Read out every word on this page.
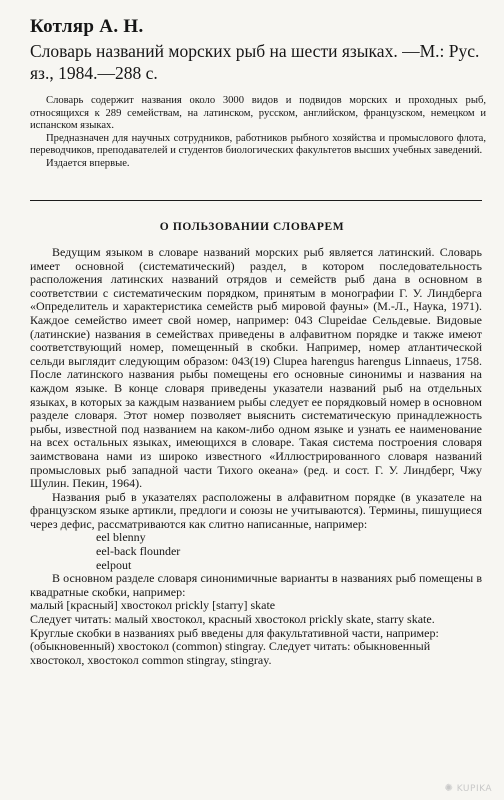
Котляр А. Н.

Словарь названий морских рыб на шести языках. —М.: Рус. яз., 1984.—288 с.

Словарь содержит названия около 3000 видов и подвидов морских и проходных рыб, относящихся к 289 семействам, на латинском, русском, английском, французском, немецком и испанском языках.

Предназначен для научных сотрудников, работников рыбного хозяйства и промыслового флота, переводчиков, преподавателей и студентов биологических факультетов высших учебных заведений.

Издается впервые.

О ПОЛЬЗОВАНИИ СЛОВАРЕМ

Ведущим языком в словаре названий морских рыб является латинский. Словарь имеет основной (систематический) раздел, в котором последовательность расположения латинских названий отрядов и семейств рыб дана в основном в соответствии с систематическим порядком, принятым в монографии Г. У. Линдберга «Определитель и характеристика семейств рыб мировой фауны» (М.-Л., Наука, 1971). Каждое семейство имеет свой номер, например: 043 Clupeidae Сельдевые. Видовые (латинские) названия в семействах приведены в алфавитном порядке и также имеют соответствующий номер, помещенный в скобки. Например, номер атлантической сельди выглядит следующим образом: 043(19) Clupea harengus harengus Linnaeus, 1758. После латинского названия рыбы помещены его основные синонимы и названия на каждом языке. В конце словаря приведены указатели названий рыб на отдельных языках, в которых за каждым названием рыбы следует ее порядковый номер в основном разделе словаря. Этот номер позволяет выяснить систематическую принадлежность рыбы, известной под названием на каком-либо одном языке и узнать ее наименование на всех остальных языках, имеющихся в словаре. Такая система построения словаря заимствована нами из широко известного «Иллюстрированного словаря названий промысловых рыб западной части Тихого океана» (ред. и сост. Г. У. Линдберг, Чжу Шулин. Пекин, 1964).

Названия рыб в указателях расположены в алфавитном порядке (в указателе на французском языке артикли, предлоги и союзы не учитываются). Термины, пишущиеся через дефис, рассматриваются как слитно написанные, например:

eel blenny
eel-back flounder
eelpout

В основном разделе словаря синонимичные варианты в названиях рыб помещены в квадратные скобки, например:

малый [красный] хвостокол prickly [starry] skate

Следует читать: малый хвостокол, красный хвостокол prickly skate, starry skate.

Круглые скобки в названиях рыб введены для факультативной части, например: (обыкновенный) хвостокол (common) stingray. Следует читать: обыкновенный хвостокол, хвостокол common stingray, stingray.

✺ KUPIKA
